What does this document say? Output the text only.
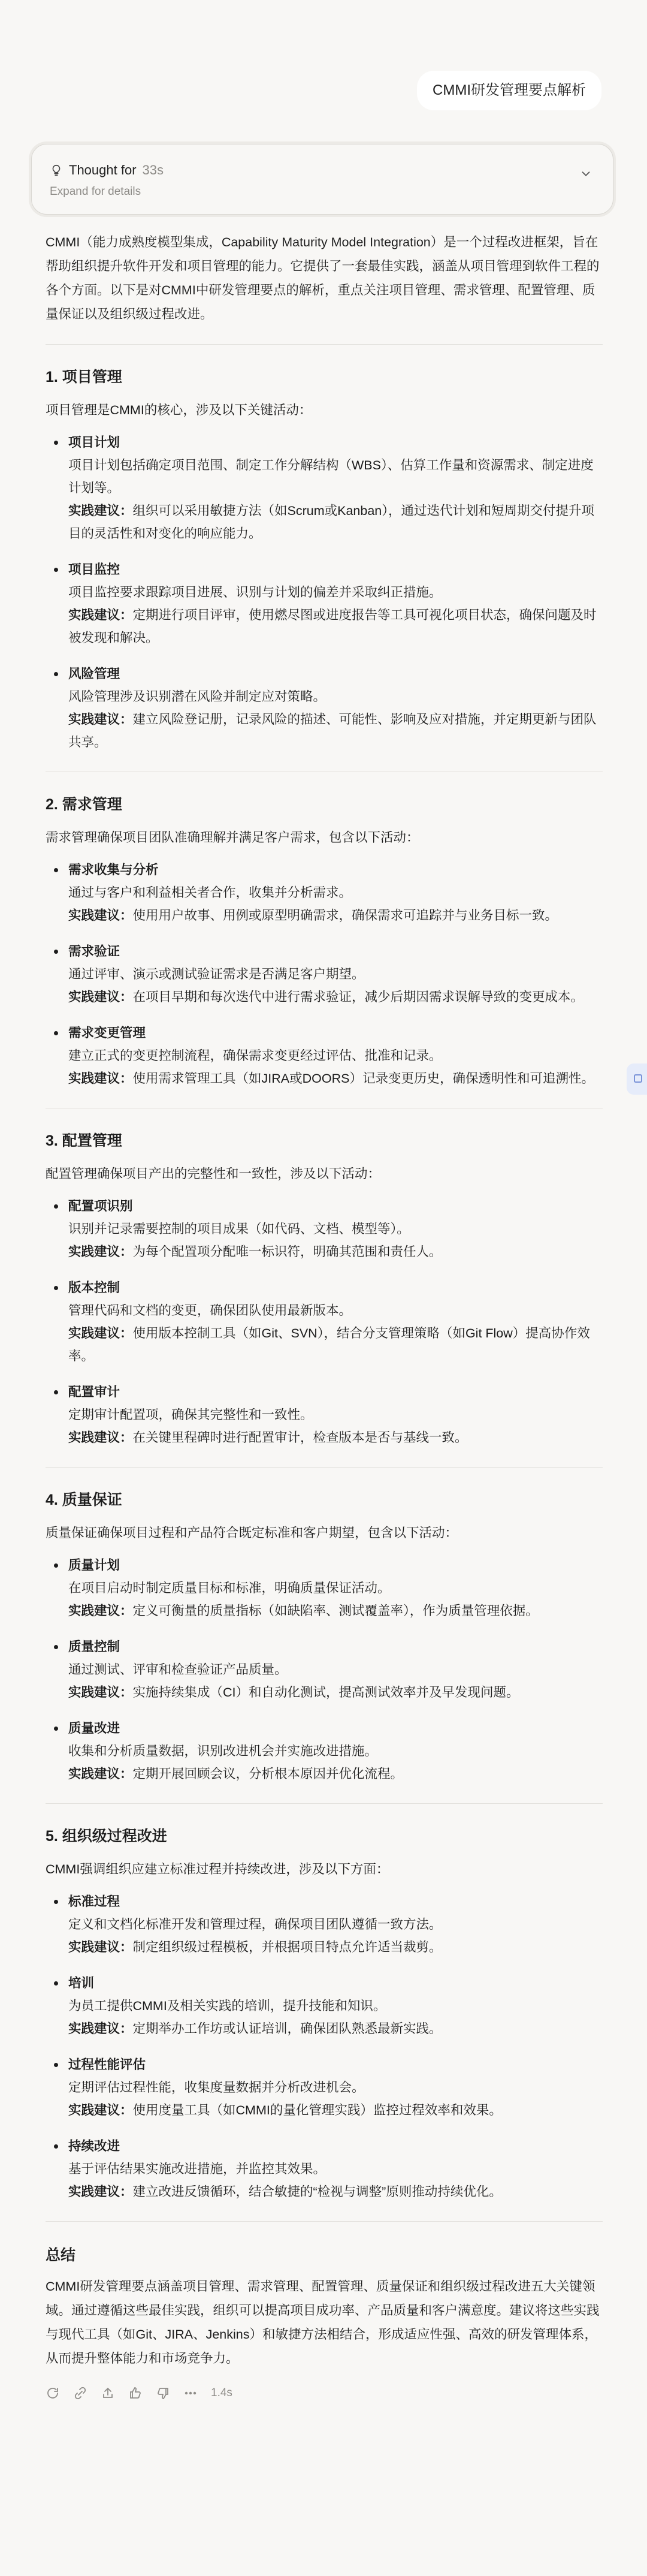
CMMI研发管理要点解析
Thought for 33s
Expand for details

CMMI（能力成熟度模型集成，Capability Maturity Model Integration）是一个过程改进框架，旨在帮助组织提升软件开发和项目管理的能力。它提供了一套最佳实践，涵盖从项目管理到软件工程的各个方面。以下是对CMMI中研发管理要点的解析，重点关注项目管理、需求管理、配置管理、质量保证以及组织级过程改进。

1. 项目管理

项目管理是CMMI的核心，涉及以下关键活动：

项目计划
项目计划包括确定项目范围、制定工作分解结构（WBS）、估算工作量和资源需求、制定进度计划等。
实践建议：组织可以采用敏捷方法（如Scrum或Kanban），通过迭代计划和短周期交付提升项目的灵活性和对变化的响应能力。
项目监控
项目监控要求跟踪项目进展、识别与计划的偏差并采取纠正措施。
实践建议：定期进行项目评审，使用燃尽图或进度报告等工具可视化项目状态，确保问题及时被发现和解决。
风险管理
风险管理涉及识别潜在风险并制定应对策略。
实践建议：建立风险登记册，记录风险的描述、可能性、影响及应对措施，并定期更新与团队共享。
2. 需求管理

需求管理确保项目团队准确理解并满足客户需求，包含以下活动：

需求收集与分析
通过与客户和利益相关者合作，收集并分析需求。
实践建议：使用用户故事、用例或原型明确需求，确保需求可追踪并与业务目标一致。
需求验证
通过评审、演示或测试验证需求是否满足客户期望。
实践建议：在项目早期和每次迭代中进行需求验证，减少后期因需求误解导致的变更成本。
需求变更管理
建立正式的变更控制流程，确保需求变更经过评估、批准和记录。
实践建议：使用需求管理工具（如JIRA或DOORS）记录变更历史，确保透明性和可追溯性。
3. 配置管理

配置管理确保项目产出的完整性和一致性，涉及以下活动：

配置项识别
识别并记录需要控制的项目成果（如代码、文档、模型等）。
实践建议：为每个配置项分配唯一标识符，明确其范围和责任人。
版本控制
管理代码和文档的变更，确保团队使用最新版本。
实践建议：使用版本控制工具（如Git、SVN），结合分支管理策略（如Git Flow）提高协作效率。
配置审计
定期审计配置项，确保其完整性和一致性。
实践建议：在关键里程碑时进行配置审计，检查版本是否与基线一致。
4. 质量保证

质量保证确保项目过程和产品符合既定标准和客户期望，包含以下活动：

质量计划
在项目启动时制定质量目标和标准，明确质量保证活动。
实践建议：定义可衡量的质量指标（如缺陷率、测试覆盖率），作为质量管理依据。
质量控制
通过测试、评审和检查验证产品质量。
实践建议：实施持续集成（CI）和自动化测试，提高测试效率并及早发现问题。
质量改进
收集和分析质量数据，识别改进机会并实施改进措施。
实践建议：定期开展回顾会议，分析根本原因并优化流程。
5. 组织级过程改进

CMMI强调组织应建立标准过程并持续改进，涉及以下方面：

标准过程
定义和文档化标准开发和管理过程，确保项目团队遵循一致方法。
实践建议：制定组织级过程模板，并根据项目特点允许适当裁剪。
培训
为员工提供CMMI及相关实践的培训，提升技能和知识。
实践建议：定期举办工作坊或认证培训，确保团队熟悉最新实践。
过程性能评估
定期评估过程性能，收集度量数据并分析改进机会。
实践建议：使用度量工具（如CMMI的量化管理实践）监控过程效率和效果。
持续改进
基于评估结果实施改进措施，并监控其效果。
实践建议：建立改进反馈循环，结合敏捷的“检视与调整”原则推动持续优化。
总结

CMMI研发管理要点涵盖项目管理、需求管理、配置管理、质量保证和组织级过程改进五大关键领域。通过遵循这些最佳实践，组织可以提高项目成功率、产品质量和客户满意度。建议将这些实践与现代工具（如Git、JIRA、Jenkins）和敏捷方法相结合，形成适应性强、高效的研发管理体系，从而提升整体能力和市场竞争力。

1.4s
